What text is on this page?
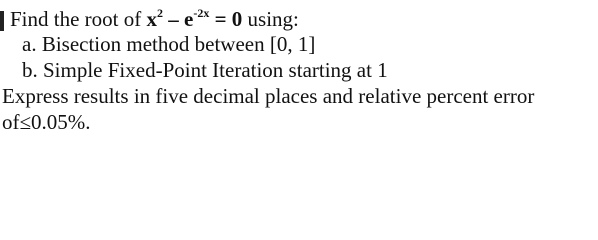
Find the root of $x^2 - e^{-2x} = 0$ using:
a. Bisection method between [0, 1]
b. Simple Fixed-Point Iteration starting at 1
Express results in five decimal places and relative percent error
of≤0.05%.
